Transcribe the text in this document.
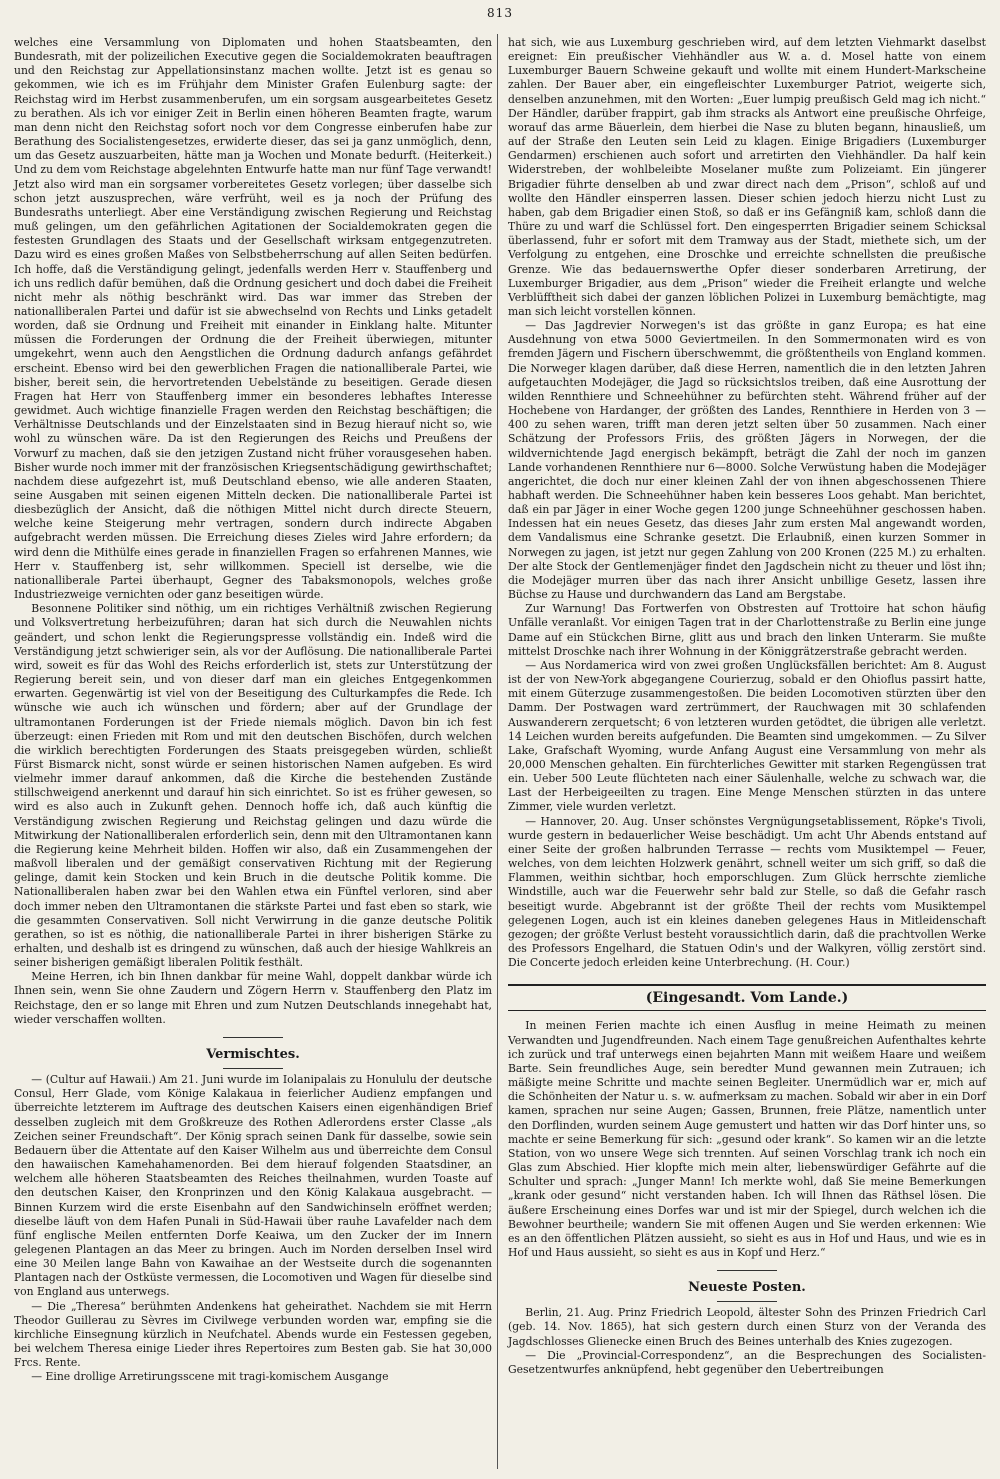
813

welches eine Versammlung von Diplomaten und hohen Staatsbeamten, den Bundesrath, mit der polizeilichen Executive gegen die Socialdemokraten beauftragen und den Reichstag zur Appellationsinstanz machen wollte. Jetzt ist es genau so gekommen, wie ich es im Frühjahr dem Minister Grafen Eulenburg sagte: der Reichstag wird im Herbst zusammenberufen, um ein sorgsam ausgearbeitetes Gesetz zu berathen. Als ich vor einiger Zeit in Berlin einen höheren Beamten fragte, warum man denn nicht den Reichstag sofort noch vor dem Congresse einberufen habe zur Berathung des Socialistengesetzes, erwiderte dieser, das sei ja ganz unmöglich, denn, um das Gesetz auszuarbeiten, hätte man ja Wochen und Monate bedurft. (Heiterkeit.) Und zu dem vom Reichstage abgelehnten Entwurfe hatte man nur fünf Tage verwandt! Jetzt also wird man ein sorgsamer vorbereitetes Gesetz vorlegen; über dasselbe sich schon jetzt auszusprechen, wäre verfrüht, weil es ja noch der Prüfung des Bundesraths unterliegt. Aber eine Verständigung zwischen Regierung und Reichstag muß gelingen, um den gefährlichen Agitationen der Socialdemokraten gegen die festesten Grundlagen des Staats und der Gesellschaft wirksam entgegenzutreten. Dazu wird es eines großen Maßes von Selbstbeherrschung auf allen Seiten bedürfen. Ich hoffe, daß die Verständigung gelingt, jedenfalls werden Herr v. Stauffenberg und ich uns redlich dafür bemühen, daß die Ordnung gesichert und doch dabei die Freiheit nicht mehr als nöthig beschränkt wird. Das war immer das Streben der nationalliberalen Partei und dafür ist sie abwechselnd von Rechts und Links getadelt worden, daß sie Ordnung und Freiheit mit einander in Einklang halte. Mitunter müssen die Forderungen der Ordnung die der Freiheit überwiegen, mitunter umgekehrt, wenn auch den Aengstlichen die Ordnung dadurch anfangs gefährdet erscheint. Ebenso wird bei den gewerblichen Fragen die nationalliberale Partei, wie bisher, bereit sein, die hervortretenden Uebelstände zu beseitigen. Gerade diesen Fragen hat Herr von Stauffenberg immer ein besonderes lebhaftes Interesse gewidmet. Auch wichtige finanzielle Fragen werden den Reichstag beschäftigen; die Verhältnisse Deutschlands und der Einzelstaaten sind in Bezug hierauf nicht so, wie wohl zu wünschen wäre. Da ist den Regierungen des Reichs und Preußens der Vorwurf zu machen, daß sie den jetzigen Zustand nicht früher vorausgesehen haben. Bisher wurde noch immer mit der französischen Kriegsentschädigung gewirthschaftet; nachdem diese aufgezehrt ist, muß Deutschland ebenso, wie alle anderen Staaten, seine Ausgaben mit seinen eigenen Mitteln decken. Die nationalliberale Partei ist diesbezüglich der Ansicht, daß die nöthigen Mittel nicht durch directe Steuern, welche keine Steigerung mehr vertragen, sondern durch indirecte Abgaben aufgebracht werden müssen. Die Erreichung dieses Zieles wird Jahre erfordern; da wird denn die Mithülfe eines gerade in finanziellen Fragen so erfahrenen Mannes, wie Herr v. Stauffenberg ist, sehr willkommen. Speciell ist derselbe, wie die nationalliberale Partei überhaupt, Gegner des Tabaksmonopols, welches große Industriezweige vernichten oder ganz beseitigen würde.

Besonnene Politiker sind nöthig, um ein richtiges Verhältniß zwischen Regierung und Volksvertretung herbeizuführen; daran hat sich durch die Neuwahlen nichts geändert, und schon lenkt die Regierungspresse vollständig ein. Indeß wird die Verständigung jetzt schwieriger sein, als vor der Auflösung. Die nationalliberale Partei wird, soweit es für das Wohl des Reichs erforderlich ist, stets zur Unterstützung der Regierung bereit sein, und von dieser darf man ein gleiches Entgegenkommen erwarten. Gegenwärtig ist viel von der Beseitigung des Culturkampfes die Rede. Ich wünsche wie auch ich wünschen und fördern; aber auf der Grundlage der ultramontanen Forderungen ist der Friede niemals möglich. Davon bin ich fest überzeugt: einen Frieden mit Rom und mit den deutschen Bischöfen, durch welchen die wirklich berechtigten Forderungen des Staats preisgegeben würden, schließt Fürst Bismarck nicht, sonst würde er seinen historischen Namen aufgeben. Es wird vielmehr immer darauf ankommen, daß die Kirche die bestehenden Zustände stillschweigend anerkennt und darauf hin sich einrichtet. So ist es früher gewesen, so wird es also auch in Zukunft gehen. Dennoch hoffe ich, daß auch künftig die Verständigung zwischen Regierung und Reichstag gelingen und dazu würde die Mitwirkung der Nationalliberalen erforderlich sein, denn mit den Ultramontanen kann die Regierung keine Mehrheit bilden. Hoffen wir also, daß ein Zusammengehen der maßvoll liberalen und der gemäßigt conservativen Richtung mit der Regierung gelinge, damit kein Stocken und kein Bruch in die deutsche Politik komme. Die Nationalliberalen haben zwar bei den Wahlen etwa ein Fünftel verloren, sind aber doch immer neben den Ultramontanen die stärkste Partei und fast eben so stark, wie die gesammten Conservativen. Soll nicht Verwirrung in die ganze deutsche Politik gerathen, so ist es nöthig, die nationalliberale Partei in ihrer bisherigen Stärke zu erhalten, und deshalb ist es dringend zu wünschen, daß auch der hiesige Wahlkreis an seiner bisherigen gemäßigt liberalen Politik festhält.

Meine Herren, ich bin Ihnen dankbar für meine Wahl, doppelt dankbar würde ich Ihnen sein, wenn Sie ohne Zaudern und Zögern Herrn v. Stauffenberg den Platz im Reichstage, den er so lange mit Ehren und zum Nutzen Deutschlands innegehabt hat, wieder verschaffen wollten.

Vermischtes.

— (Cultur auf Hawaii.) Am 21. Juni wurde im Iolanipalais zu Honululu der deutsche Consul, Herr Glade, vom Könige Kalakaua in feierlicher Audienz empfangen und überreichte letzterem im Auftrage des deutschen Kaisers einen eigenhändigen Brief desselben zugleich mit dem Großkreuze des Rothen Adlerordens erster Classe „als Zeichen seiner Freundschaft“. Der König sprach seinen Dank für dasselbe, sowie sein Bedauern über die Attentate auf den Kaiser Wilhelm aus und überreichte dem Consul den hawaiischen Kamehahamenorden. Bei dem hierauf folgenden Staatsdiner, an welchem alle höheren Staatsbeamten des Reiches theilnahmen, wurden Toaste auf den deutschen Kaiser, den Kronprinzen und den König Kalakaua ausgebracht. — Binnen Kurzem wird die erste Eisenbahn auf den Sandwichinseln eröffnet werden; dieselbe läuft von dem Hafen Punali in Süd-Hawaii über rauhe Lavafelder nach dem fünf englische Meilen entfernten Dorfe Keaiwa, um den Zucker der im Innern gelegenen Plantagen an das Meer zu bringen. Auch im Norden derselben Insel wird eine 30 Meilen lange Bahn von Kawaihae an der Westseite durch die sogenannten Plantagen nach der Ostküste vermessen, die Locomotiven und Wagen für dieselbe sind von England aus unterwegs.

— Die „Theresa“ berühmten Andenkens hat geheirathet. Nachdem sie mit Herrn Theodor Guillerau zu Sèvres im Civilwege verbunden worden war, empfing sie die kirchliche Einsegnung kürzlich in Neufchatel. Abends wurde ein Festessen gegeben, bei welchem Theresa einige Lieder ihres Repertoires zum Besten gab. Sie hat 30,000 Frcs. Rente.

— Eine drollige Arretirungsscene mit tragi-komischem Ausgange

hat sich, wie aus Luxemburg geschrieben wird, auf dem letzten Viehmarkt daselbst ereignet: Ein preußischer Viehhändler aus W. a. d. Mosel hatte von einem Luxemburger Bauern Schweine gekauft und wollte mit einem Hundert-Markscheine zahlen. Der Bauer aber, ein eingefleischter Luxemburger Patriot, weigerte sich, denselben anzunehmen, mit den Worten: „Euer lumpig preußisch Geld mag ich nicht.“ Der Händler, darüber frappirt, gab ihm stracks als Antwort eine preußische Ohrfeige, worauf das arme Bäuerlein, dem hierbei die Nase zu bluten begann, hinausließ, um auf der Straße den Leuten sein Leid zu klagen. Einige Brigadiers (Luxemburger Gendarmen) erschienen auch sofort und arretirten den Viehhändler. Da half kein Widerstreben, der wohlbeleibte Moselaner mußte zum Polizeiamt. Ein jüngerer Brigadier führte denselben ab und zwar direct nach dem „Prison“, schloß auf und wollte den Händler einsperren lassen. Dieser schien jedoch hierzu nicht Lust zu haben, gab dem Brigadier einen Stoß, so daß er ins Gefängniß kam, schloß dann die Thüre zu und warf die Schlüssel fort. Den eingesperrten Brigadier seinem Schicksal überlassend, fuhr er sofort mit dem Tramway aus der Stadt, miethete sich, um der Verfolgung zu entgehen, eine Droschke und erreichte schnellsten die preußische Grenze. Wie das bedauernswerthe Opfer dieser sonderbaren Arretirung, der Luxemburger Brigadier, aus dem „Prison“ wieder die Freiheit erlangte und welche Verblüfftheit sich dabei der ganzen löblichen Polizei in Luxemburg bemächtigte, mag man sich leicht vorstellen können.

— Das Jagdrevier Norwegen's ist das größte in ganz Europa; es hat eine Ausdehnung von etwa 5000 Geviertmeilen. In den Sommermonaten wird es von fremden Jägern und Fischern überschwemmt, die größtentheils von England kommen. Die Norweger klagen darüber, daß diese Herren, namentlich die in den letzten Jahren aufgetauchten Modejäger, die Jagd so rücksichtslos treiben, daß eine Ausrottung der wilden Rennthiere und Schneehühner zu befürchten steht. Während früher auf der Hochebene von Hardanger, der größten des Landes, Rennthiere in Herden von 3 — 400 zu sehen waren, trifft man deren jetzt selten über 50 zusammen. Nach einer Schätzung der Professors Friis, des größten Jägers in Norwegen, der die wildvernichtende Jagd energisch bekämpft, beträgt die Zahl der noch im ganzen Lande vorhandenen Rennthiere nur 6—8000. Solche Verwüstung haben die Modejäger angerichtet, die doch nur einer kleinen Zahl der von ihnen abgeschossenen Thiere habhaft werden. Die Schneehühner haben kein besseres Loos gehabt. Man berichtet, daß ein par Jäger in einer Woche gegen 1200 junge Schneehühner geschossen haben. Indessen hat ein neues Gesetz, das dieses Jahr zum ersten Mal angewandt worden, dem Vandalismus eine Schranke gesetzt. Die Erlaubniß, einen kurzen Sommer in Norwegen zu jagen, ist jetzt nur gegen Zahlung von 200 Kronen (225 M.) zu erhalten. Der alte Stock der Gentlemenjäger findet den Jagdschein nicht zu theuer und löst ihn; die Modejäger murren über das nach ihrer Ansicht unbillige Gesetz, lassen ihre Büchse zu Hause und durchwandern das Land am Bergstabe.

Zur Warnung! Das Fortwerfen von Obstresten auf Trottoire hat schon häufig Unfälle veranlaßt. Vor einigen Tagen trat in der Charlottenstraße zu Berlin eine junge Dame auf ein Stückchen Birne, glitt aus und brach den linken Unterarm. Sie mußte mittelst Droschke nach ihrer Wohnung in der Königgrätzerstraße gebracht werden.

— Aus Nordamerica wird von zwei großen Unglücksfällen berichtet: Am 8. August ist der von New-York abgegangene Courierzug, sobald er den Ohioflus passirt hatte, mit einem Güterzuge zusammengestoßen. Die beiden Locomotiven stürzten über den Damm. Der Postwagen ward zertrümmert, der Rauchwagen mit 30 schlafenden Auswanderern zerquetscht; 6 von letzteren wurden getödtet, die übrigen alle verletzt. 14 Leichen wurden bereits aufgefunden. Die Beamten sind umgekommen. — Zu Silver Lake, Grafschaft Wyoming, wurde Anfang August eine Versammlung von mehr als 20,000 Menschen gehalten. Ein fürchterliches Gewitter mit starken Regengüssen trat ein. Ueber 500 Leute flüchteten nach einer Säulenhalle, welche zu schwach war, die Last der Herbeigeeilten zu tragen. Eine Menge Menschen stürzten in das untere Zimmer, viele wurden verletzt.

— Hannover, 20. Aug. Unser schönstes Vergnügungsetablissement, Röpke's Tivoli, wurde gestern in bedauerlicher Weise beschädigt. Um acht Uhr Abends entstand auf einer Seite der großen halbrunden Terrasse — rechts vom Musiktempel — Feuer, welches, von dem leichten Holzwerk genährt, schnell weiter um sich griff, so daß die Flammen, weithin sichtbar, hoch emporschlugen. Zum Glück herrschte ziemliche Windstille, auch war die Feuerwehr sehr bald zur Stelle, so daß die Gefahr rasch beseitigt wurde. Abgebrannt ist der größte Theil der rechts vom Musiktempel gelegenen Logen, auch ist ein kleines daneben gelegenes Haus in Mitleidenschaft gezogen; der größte Verlust besteht voraussichtlich darin, daß die prachtvollen Werke des Professors Engelhard, die Statuen Odin's und der Walkyren, völlig zerstört sind. Die Concerte jedoch erleiden keine Unterbrechung. (H. Cour.)

(Eingesandt. Vom Lande.)

In meinen Ferien machte ich einen Ausflug in meine Heimath zu meinen Verwandten und Jugendfreunden. Nach einem Tage genußreichen Aufenthaltes kehrte ich zurück und traf unterwegs einen bejahrten Mann mit weißem Haare und weißem Barte. Sein freundliches Auge, sein beredter Mund gewannen mein Zutrauen; ich mäßigte meine Schritte und machte seinen Begleiter. Unermüdlich war er, mich auf die Schönheiten der Natur u. s. w. aufmerksam zu machen. Sobald wir aber in ein Dorf kamen, sprachen nur seine Augen; Gassen, Brunnen, freie Plätze, namentlich unter den Dorflinden, wurden seinem Auge gemustert und hatten wir das Dorf hinter uns, so machte er seine Bemerkung für sich: „gesund oder krank“. So kamen wir an die letzte Station, von wo unsere Wege sich trennten. Auf seinen Vorschlag trank ich noch ein Glas zum Abschied. Hier klopfte mich mein alter, liebenswürdiger Gefährte auf die Schulter und sprach: „Junger Mann! Ich merkte wohl, daß Sie meine Bemerkungen „krank oder gesund“ nicht verstanden haben. Ich will Ihnen das Räthsel lösen. Die äußere Erscheinung eines Dorfes war und ist mir der Spiegel, durch welchen ich die Bewohner beurtheile; wandern Sie mit offenen Augen und Sie werden erkennen: Wie es an den öffentlichen Plätzen aussieht, so sieht es aus in Hof und Haus, und wie es in Hof und Haus aussieht, so sieht es aus in Kopf und Herz.“

Neueste Posten.

Berlin, 21. Aug. Prinz Friedrich Leopold, ältester Sohn des Prinzen Friedrich Carl (geb. 14. Nov. 1865), hat sich gestern durch einen Sturz von der Veranda des Jagdschlosses Glienecke einen Bruch des Beines unterhalb des Knies zugezogen.

— Die „Provincial-Correspondenz“, an die Besprechungen des Socialisten-Gesetzentwurfes anknüpfend, hebt gegenüber den Uebertreibungen
